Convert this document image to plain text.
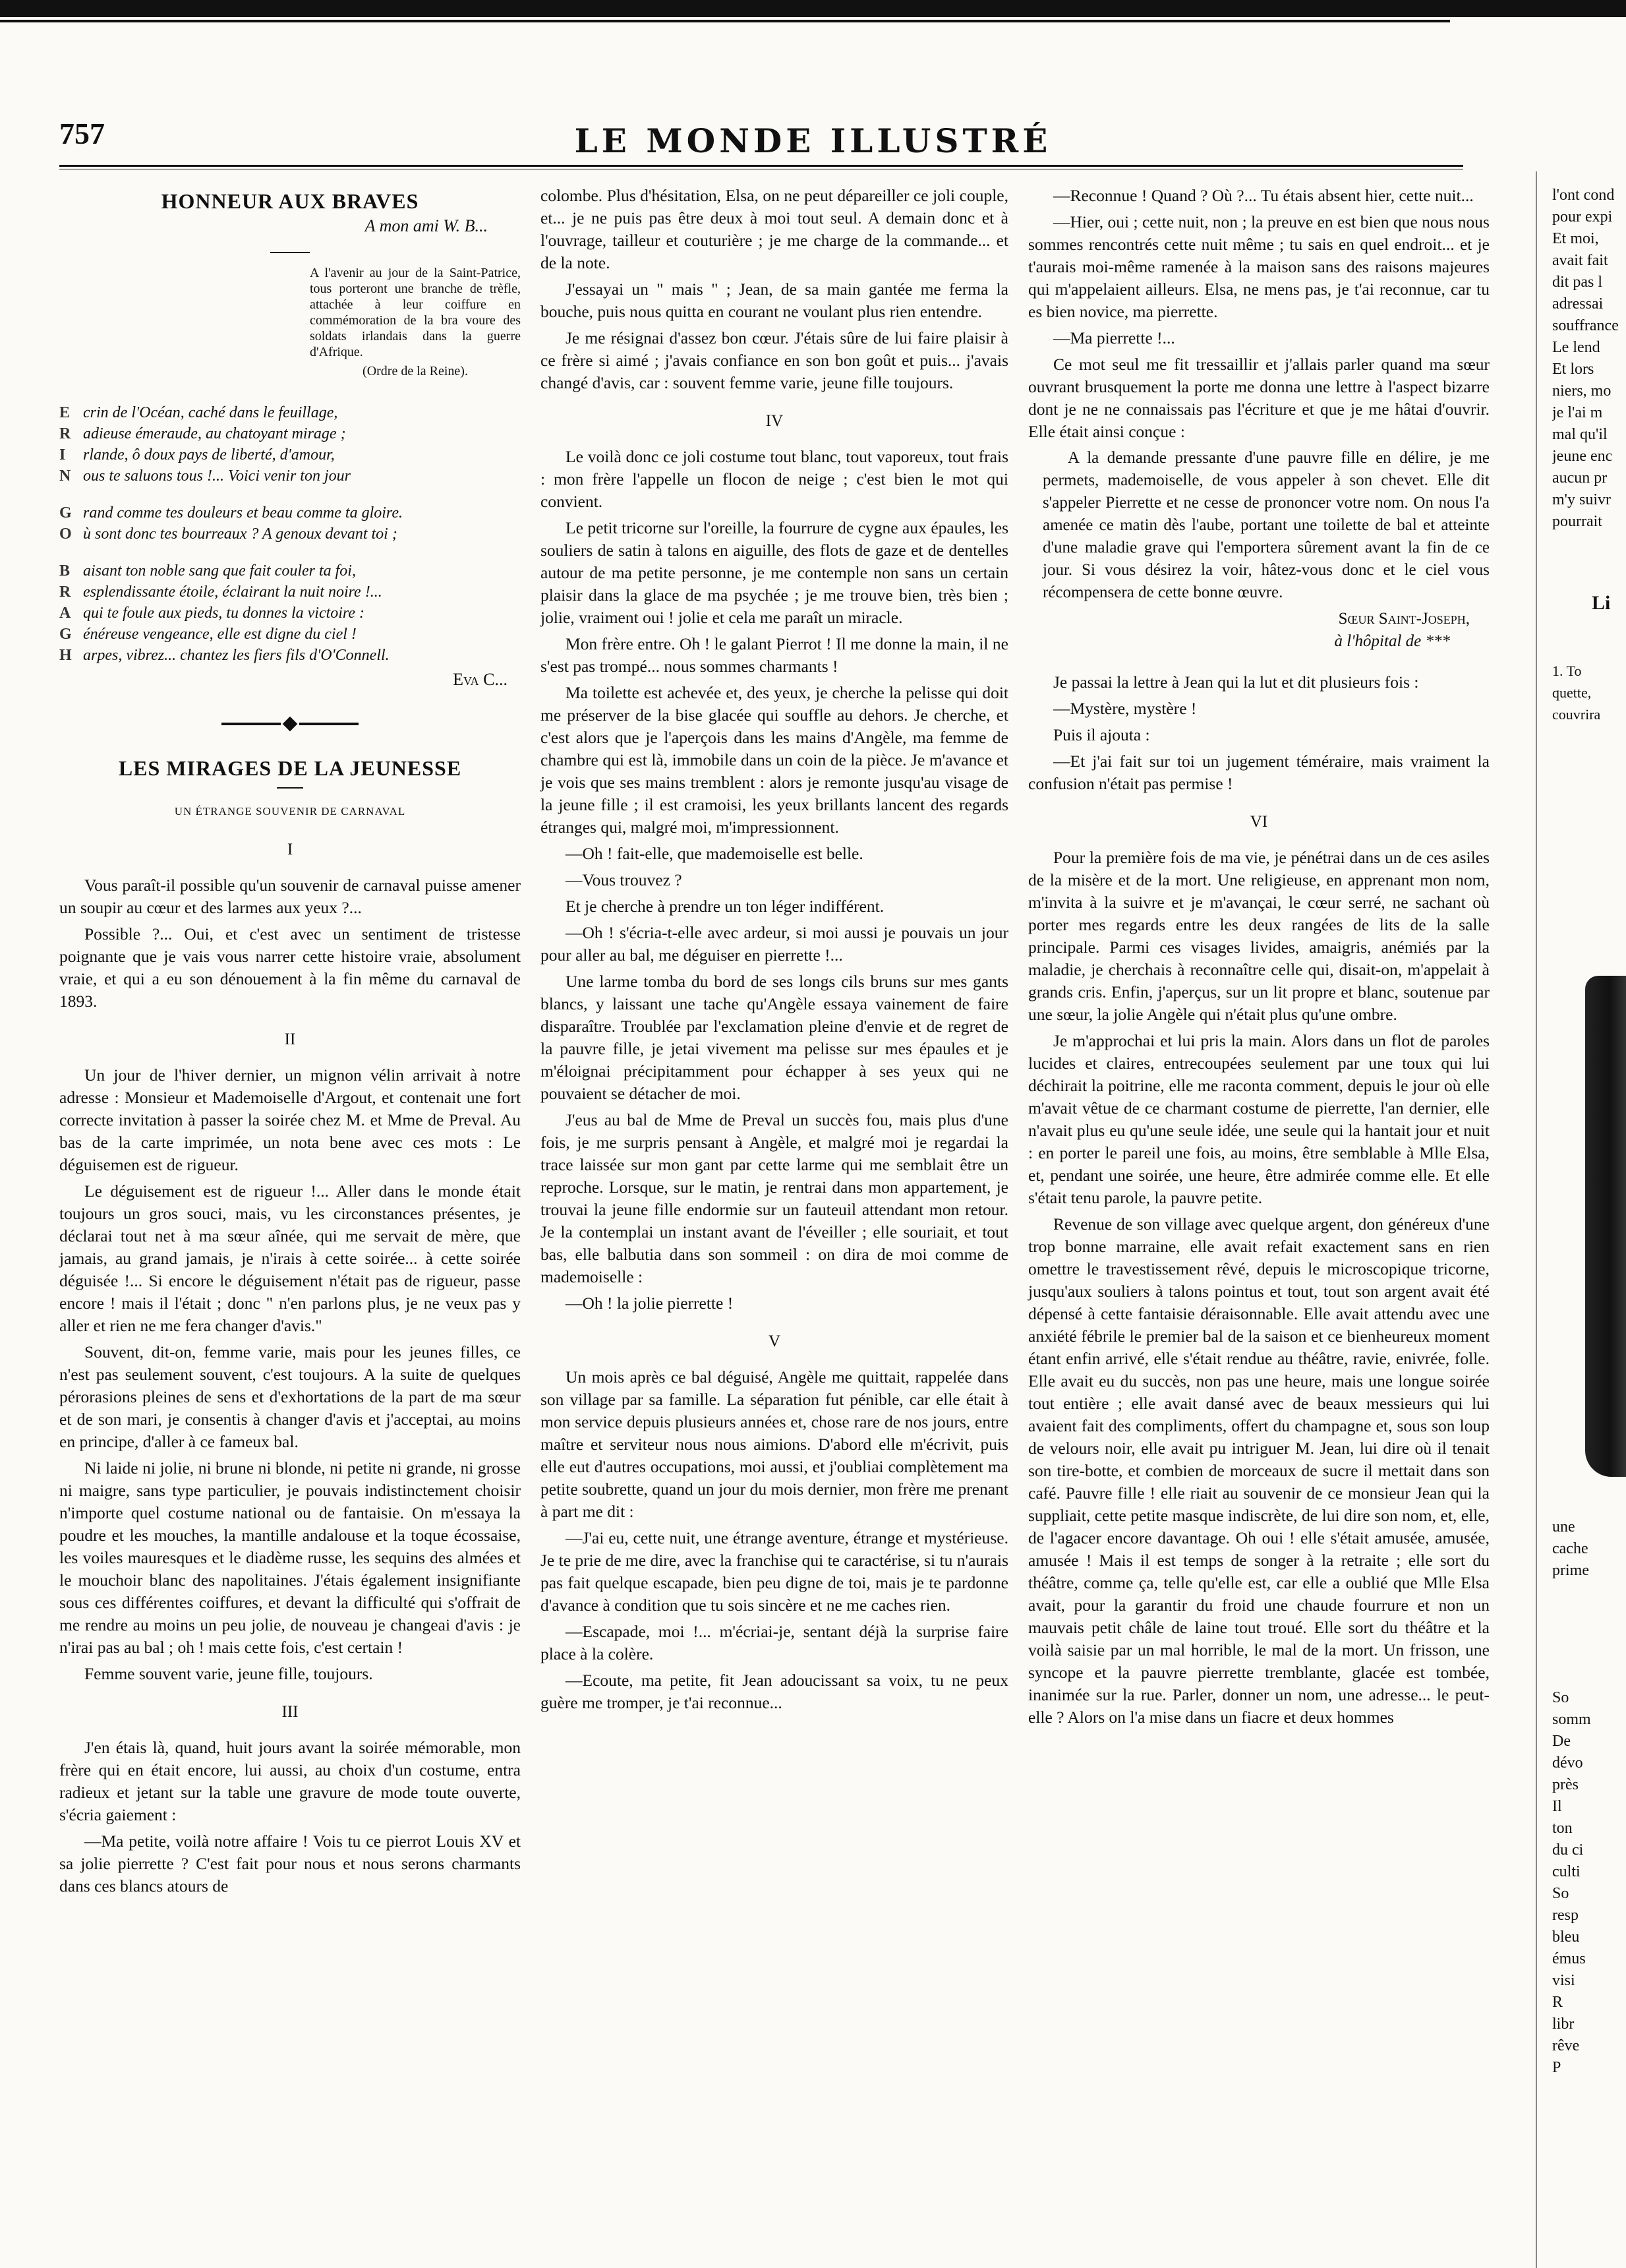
757	LE MONDE ILLUSTRÉ
HONNEUR AUX BRAVES
A mon ami W. B...
A l'avenir au jour de la Saint-Patrice, tous porteront une branche de trèfle, attachée à leur coiffure en commémoration de la bra voure des soldats irlandais dans la guerre d'Afrique.
(Ordre de la Reine).
E crin de l'Océan, caché dans le feuillage,
R adieuse émeraude, au chatoyant mirage ;
I	rlande, ô doux pays de liberté, d'amour,
N ous te saluons tous !... Voici venir ton jour
G rand comme tes douleurs et beau comme ta gloire.
O ù sont donc tes bourreaux ? A genoux devant toi ;
B aisant ton noble sang que fait couler ta foi,
R esplendissante étoile, éclairant la nuit noire !...
A qui te foule aux pieds, tu donnes la victoire :
G énéreuse vengeance, elle est digne du ciel !
H arpes, vibrez... chantez les fiers fils d'O'Connell.
Eva C...
LES MIRAGES DE LA JEUNESSE
UN ÉTRANGE SOUVENIR DE CARNAVAL
I

Vous paraît-il possible qu'un souvenir de carnaval puisse amener un soupir au cœur et des larmes aux yeux ?...

Possible ?... Oui, et c'est avec un sentiment de tristesse poignante que je vais vous narrer cette histoire vraie, absolument vraie, et qui a eu son dénouement à la fin même du carnaval de 1893.

II

Un jour de l'hiver dernier, un mignon vélin arrivait à notre adresse : Monsieur et Mademoiselle d'Argout, et contenait une fort correcte invitation à passer la soirée chez M. et Mme de Preval. Au bas de la carte imprimée, un nota bene avec ces mots : Le déguisemen est de rigueur.

Le déguisement est de rigueur !... Aller dans le monde était toujours un gros souci, mais, vu les circonstances présentes, je déclarai tout net à ma sœur aînée, qui me servait de mère, que jamais, au grand jamais, je n'irais à cette soirée... à cette soirée déguisée !... Si encore le déguisement n'était pas de rigueur, passe encore ! mais il l'était ; donc " n'en parlons plus, je ne veux pas y aller et rien ne me fera changer d'avis."

Souvent, dit-on, femme varie, mais pour les jeunes filles, ce n'est pas seulement souvent, c'est toujours. A la suite de quelques pérorasions pleines de sens et d'exhortations de la part de ma sœur et de son mari, je consentis à changer d'avis et j'acceptai, au moins en principe, d'aller à ce fameux bal.

Ni laide ni jolie, ni brune ni blonde, ni petite ni grande, ni grosse ni maigre, sans type particulier, je pouvais indistinctement choisir n'importe quel costume national ou de fantaisie. On m'essaya la poudre et les mouches, la mantille andalouse et la toque écossaise, les voiles mauresques et le diadème russe, les sequins des almées et le mouchoir blanc des napolitaines. J'étais également insignifiante sous ces différentes coiffures, et devant la difficulté qui s'offrait de me rendre au moins un peu jolie, de nouveau je changeai d'avis : je n'irai pas au bal ; oh ! mais cette fois, c'est certain !

Femme souvent varie, jeune fille, toujours.

III

J'en étais là, quand, huit jours avant la soirée mémorable, mon frère qui en était encore, lui aussi, au choix d'un costume, entra radieux et jetant sur la table une gravure de mode toute ouverte, s'écria gaiement :

—Ma petite, voilà notre affaire ! Vois tu ce pierrot Louis XV et sa jolie pierrette ? C'est fait pour nous et nous serons charmants dans ces blancs atours de

colombe. Plus d'hésitation, Elsa, on ne peut dépareiller ce joli couple, et... je ne puis pas être deux à moi tout seul. A demain donc et à l'ouvrage, tailleur et couturière ; je me charge de la commande... et de la note.

J'essayai un " mais " ; Jean, de sa main gantée me ferma la bouche, puis nous quitta en courant ne voulant plus rien entendre.

Je me résignai d'assez bon cœur. J'étais sûre de lui faire plaisir à ce frère si aimé ; j'avais confiance en son bon goût et puis... j'avais changé d'avis, car : souvent femme varie, jeune fille toujours.

IV

Le voilà donc ce joli costume tout blanc, tout vaporeux, tout frais : mon frère l'appelle un flocon de neige ; c'est bien le mot qui convient.

Le petit tricorne sur l'oreille, la fourrure de cygne aux épaules, les souliers de satin à talons en aiguille, des flots de gaze et de dentelles autour de ma petite personne, je me contemple non sans un certain plaisir dans la glace de ma psychée ; je me trouve bien, très bien ; jolie, vraiment oui ! jolie et cela me paraît un miracle.

Mon frère entre. Oh ! le galant Pierrot ! Il me donne la main, il ne s'est pas trompé... nous sommes charmants !

Ma toilette est achevée et, des yeux, je cherche la pelisse qui doit me préserver de la bise glacée qui souffle au dehors. Je cherche, et c'est alors que je l'aperçois dans les mains d'Angèle, ma femme de chambre qui est là, immobile dans un coin de la pièce. Je m'avance et je vois que ses mains tremblent : alors je remonte jusqu'au visage de la jeune fille ; il est cramoisi, les yeux brillants lancent des regards étranges qui, malgré moi, m'impressionnent.

—Oh ! fait-elle, que mademoiselle est belle.

—Vous trouvez ?

Et je cherche à prendre un ton léger indifférent.

—Oh ! s'écria-t-elle avec ardeur, si moi aussi je pouvais un jour pour aller au bal, me déguiser en pierrette !...

Une larme tomba du bord de ses longs cils bruns sur mes gants blancs, y laissant une tache qu'Angèle essaya vainement de faire disparaître. Troublée par l'exclamation pleine d'envie et de regret de la pauvre fille, je jetai vivement ma pelisse sur mes épaules et je m'éloignai précipitamment pour échapper à ses yeux qui ne pouvaient se détacher de moi.

J'eus au bal de Mme de Preval un succès fou, mais plus d'une fois, je me surpris pensant à Angèle, et malgré moi je regardai la trace laissée sur mon gant par cette larme qui me semblait être un reproche. Lorsque, sur le matin, je rentrai dans mon appartement, je trouvai la jeune fille endormie sur un fauteuil attendant mon retour. Je la contemplai un instant avant de l'éveiller ; elle souriait, et tout bas, elle balbutia dans son sommeil : on dira de moi comme de mademoiselle :

—Oh ! la jolie pierrette !

V

Un mois après ce bal déguisé, Angèle me quittait, rappelée dans son village par sa famille. La séparation fut pénible, car elle était à mon service depuis plusieurs années et, chose rare de nos jours, entre maître et serviteur nous nous aimions. D'abord elle m'écrivit, puis elle eut d'autres occupations, moi aussi, et j'oubliai complètement ma petite soubrette, quand un jour du mois dernier, mon frère me prenant à part me dit :

—J'ai eu, cette nuit, une étrange aventure, étrange et mystérieuse. Je te prie de me dire, avec la franchise qui te caractérise, si tu n'aurais pas fait quelque escapade, bien peu digne de toi, mais je te pardonne d'avance à condition que tu sois sincère et ne me caches rien.

—Escapade, moi !... m'écriai-je, sentant déjà la surprise faire place à la colère.

—Ecoute, ma petite, fit Jean adoucissant sa voix, tu ne peux guère me tromper, je t'ai reconnue...

—Reconnue ! Quand ? Où ?... Tu étais absent hier, cette nuit...

—Hier, oui ; cette nuit, non ; la preuve en est bien que nous nous sommes rencontrés cette nuit même ; tu sais en quel endroit... et je t'aurais moi-même ramenée à la maison sans des raisons majeures qui m'appelaient ailleurs. Elsa, ne mens pas, je t'ai reconnue, car tu es bien novice, ma pierrette.

—Ma pierrette !...

Ce mot seul me fit tressaillir et j'allais parler quand ma sœur ouvrant brusquement la porte me donna une lettre à l'aspect bizarre dont je ne ne connaissais pas l'écriture et que je me hâtai d'ouvrir. Elle était ainsi conçue :

A la demande pressante d'une pauvre fille en délire, je me permets, mademoiselle, de vous appeler à son chevet. Elle dit s'appeler Pierrette et ne cesse de prononcer votre nom. On nous l'a amenée ce matin dès l'aube, portant une toilette de bal et atteinte d'une maladie grave qui l'emportera sûrement avant la fin de ce jour. Si vous désirez la voir, hâtez-vous donc et le ciel vous récompensera de cette bonne œuvre.

Sœur Saint-Joseph,
à l'hôpital de ***

Je passai la lettre à Jean qui la lut et dit plusieurs fois :

—Mystère, mystère !

Puis il ajouta :

—Et j'ai fait sur toi un jugement téméraire, mais vraiment la confusion n'était pas permise !

VI

Pour la première fois de ma vie, je pénétrai dans un de ces asiles de la misère et de la mort. Une religieuse, en apprenant mon nom, m'invita à la suivre et je m'avançai, le cœur serré, ne sachant où porter mes regards entre les deux rangées de lits de la salle principale. Parmi ces visages livides, amaigris, anémiés par la maladie, je cherchais à reconnaître celle qui, disait-on, m'appelait à grands cris. Enfin, j'aperçus, sur un lit propre et blanc, soutenue par une sœur, la jolie Angèle qui n'était plus qu'une ombre.

Je m'approchai et lui pris la main. Alors dans un flot de paroles lucides et claires, entrecoupées seulement par une toux qui lui déchirait la poitrine, elle me raconta comment, depuis le jour où elle m'avait vêtue de ce charmant costume de pierrette, l'an dernier, elle n'avait plus eu qu'une seule idée, une seule qui la hantait jour et nuit : en porter le pareil une fois, au moins, être semblable à Mlle Elsa, et, pendant une soirée, une heure, être admirée comme elle. Et elle s'était tenu parole, la pauvre petite.

Revenue de son village avec quelque argent, don généreux d'une trop bonne marraine, elle avait refait exactement sans en rien omettre le travestissement rêvé, depuis le microscopique tricorne, jusqu'aux souliers à talons pointus et tout, tout son argent avait été dépensé à cette fantaisie déraisonnable. Elle avait attendu avec une anxiété fébrile le premier bal de la saison et ce bienheureux moment étant enfin arrivé, elle s'était rendue au théâtre, ravie, enivrée, folle. Elle avait eu du succès, non pas une heure, mais une longue soirée tout entière ; elle avait dansé avec de beaux messieurs qui lui avaient fait des compliments, offert du champagne et, sous son loup de velours noir, elle avait pu intriguer M. Jean, lui dire où il tenait son tire-botte, et combien de morceaux de sucre il mettait dans son café. Pauvre fille ! elle riait au souvenir de ce monsieur Jean qui la suppliait, cette petite masque indiscrète, de lui dire son nom, et, elle, de l'agacer encore davantage. Oh oui ! elle s'était amusée, amusée, amusée ! Mais il est temps de songer à la retraite ; elle sort du théâtre, comme ça, telle qu'elle est, car elle a oublié que Mlle Elsa avait, pour la garantir du froid une chaude fourrure et non un mauvais petit châle de laine tout troué. Elle sort du théâtre et la voilà saisie par un mal horrible, le mal de la mort. Un frisson, une syncope et la pauvre pierrette tremblante, glacée est tombée, inanimée sur la rue. Parler, donner un nom, une adresse... le peut-elle ? Alors on l'a mise dans un fiacre et deux hommes

l'ont cond
pour expi
Et moi,
avait fait
dit pas l
adressai
souffrance
Le lend
Et lors
niers, mo
je l'ai m
mal qu'il
jeune enc
aucun pr
m'y suivr
pourrait
Li
1. To
quette,
couvrira
une
cache
prime
So
somm
De
dévo
près
Il
ton
du ci
culti
So
resp
bleu
émus
visi
R
libr
rêve
P
